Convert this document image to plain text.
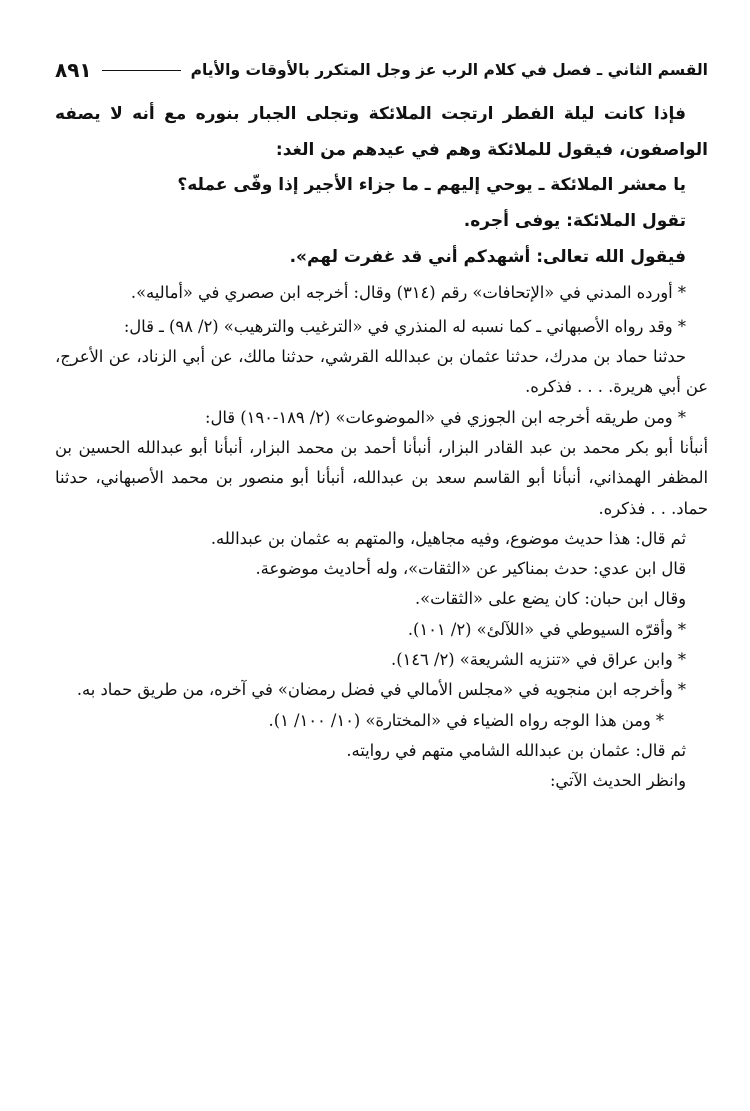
القسم الثاني ـ فصل في كلام الرب عز وجل المتكرر بالأوقات والأيام
٨٩١

فإذا كانت ليلة الفطر ارتجت الملائكة وتجلى الجبار بنوره مع أنه لا يصفه الواصفون، فيقول للملائكة وهم في عيدهم من الغد:

يا معشر الملائكة ـ يوحي إليهم ـ ما جزاء الأجير إذا وفّى عمله؟

تقول الملائكة: يوفى أجره.

فيقول الله تعالى: أشهدكم أني قد غفرت لهم».

* أورده المدني في «الإتحافات» رقم (٣١٤) وقال: أخرجه ابن صصري في «أماليه».

* وقد رواه الأصبهاني ـ كما نسبه له المنذري في «الترغيب والترهيب» (٢/ ٩٨) ـ قال:

حدثنا حماد بن مدرك، حدثنا عثمان بن عبدالله القرشي، حدثنا مالك، عن أبي الزناد، عن الأعرج، عن أبي هريرة. . . . فذكره.

* ومن طريقه أخرجه ابن الجوزي في «الموضوعات» (٢/ ١٨٩-١٩٠) قال:

أنبأنا أبو بكر محمد بن عبد القادر البزار، أنبأنا أحمد بن محمد البزار، أنبأنا أبو عبدالله الحسين بن المظفر الهمذاني، أنبأنا أبو القاسم سعد بن عبدالله، أنبأنا أبو منصور بن محمد الأصبهاني، حدثنا حماد. . . فذكره.

ثم قال: هذا حديث موضوع، وفيه مجاهيل، والمتهم به عثمان بن عبدالله.

قال ابن عدي: حدث بمناكير عن «الثقات»، وله أحاديث موضوعة.

وقال ابن حبان: كان يضع على «الثقات».

* وأقرّه السيوطي في «اللآلئ» (٢/ ١٠١).

* وابن عراق في «تنزيه الشريعة» (٢/ ١٤٦).

* وأخرجه ابن منجويه في «مجلس الأمالي في فضل رمضان» في آخره، من طريق حماد به.

* ومن هذا الوجه رواه الضياء في «المختارة» (١٠/ ١٠٠/ ١).

ثم قال: عثمان بن عبدالله الشامي متهم في روايته.

وانظر الحديث الآتي:
